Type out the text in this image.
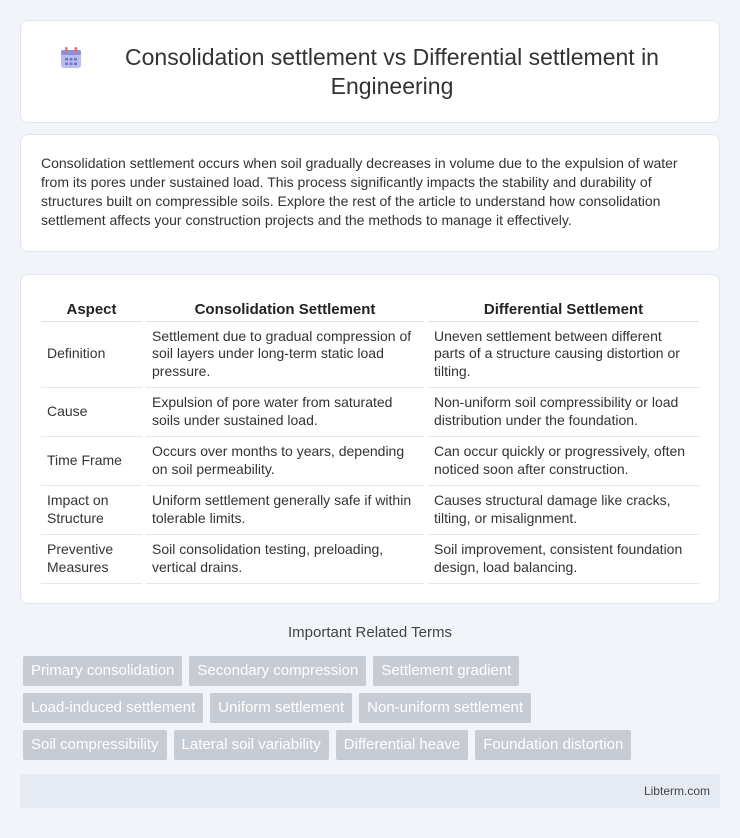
Consolidation settlement vs Differential settlement in Engineering

Consolidation settlement occurs when soil gradually decreases in volume due to the expulsion of water from its pores under sustained load. This process significantly impacts the stability and durability of structures built on compressible soils. Explore the rest of the article to understand how consolidation settlement affects your construction projects and the methods to manage it effectively.

Aspect	Consolidation Settlement	Differential Settlement
Definition	Settlement due to gradual compression of soil layers under long-term static load pressure.	Uneven settlement between different parts of a structure causing distortion or tilting.
Cause	Expulsion of pore water from saturated soils under sustained load.	Non-uniform soil compressibility or load distribution under the foundation.
Time Frame	Occurs over months to years, depending on soil permeability.	Can occur quickly or progressively, often noticed soon after construction.
Impact on Structure	Uniform settlement generally safe if within tolerable limits.	Causes structural damage like cracks, tilting, or misalignment.
Preventive Measures	Soil consolidation testing, preloading, vertical drains.	Soil improvement, consistent foundation design, load balancing.
Important Related Terms
Primary consolidation	Secondary compression	Settlement gradient
Load-induced settlement	Uniform settlement	Non-uniform settlement
Soil compressibility	Lateral soil variability	Differential heave	Foundation distortion
Libterm.com
